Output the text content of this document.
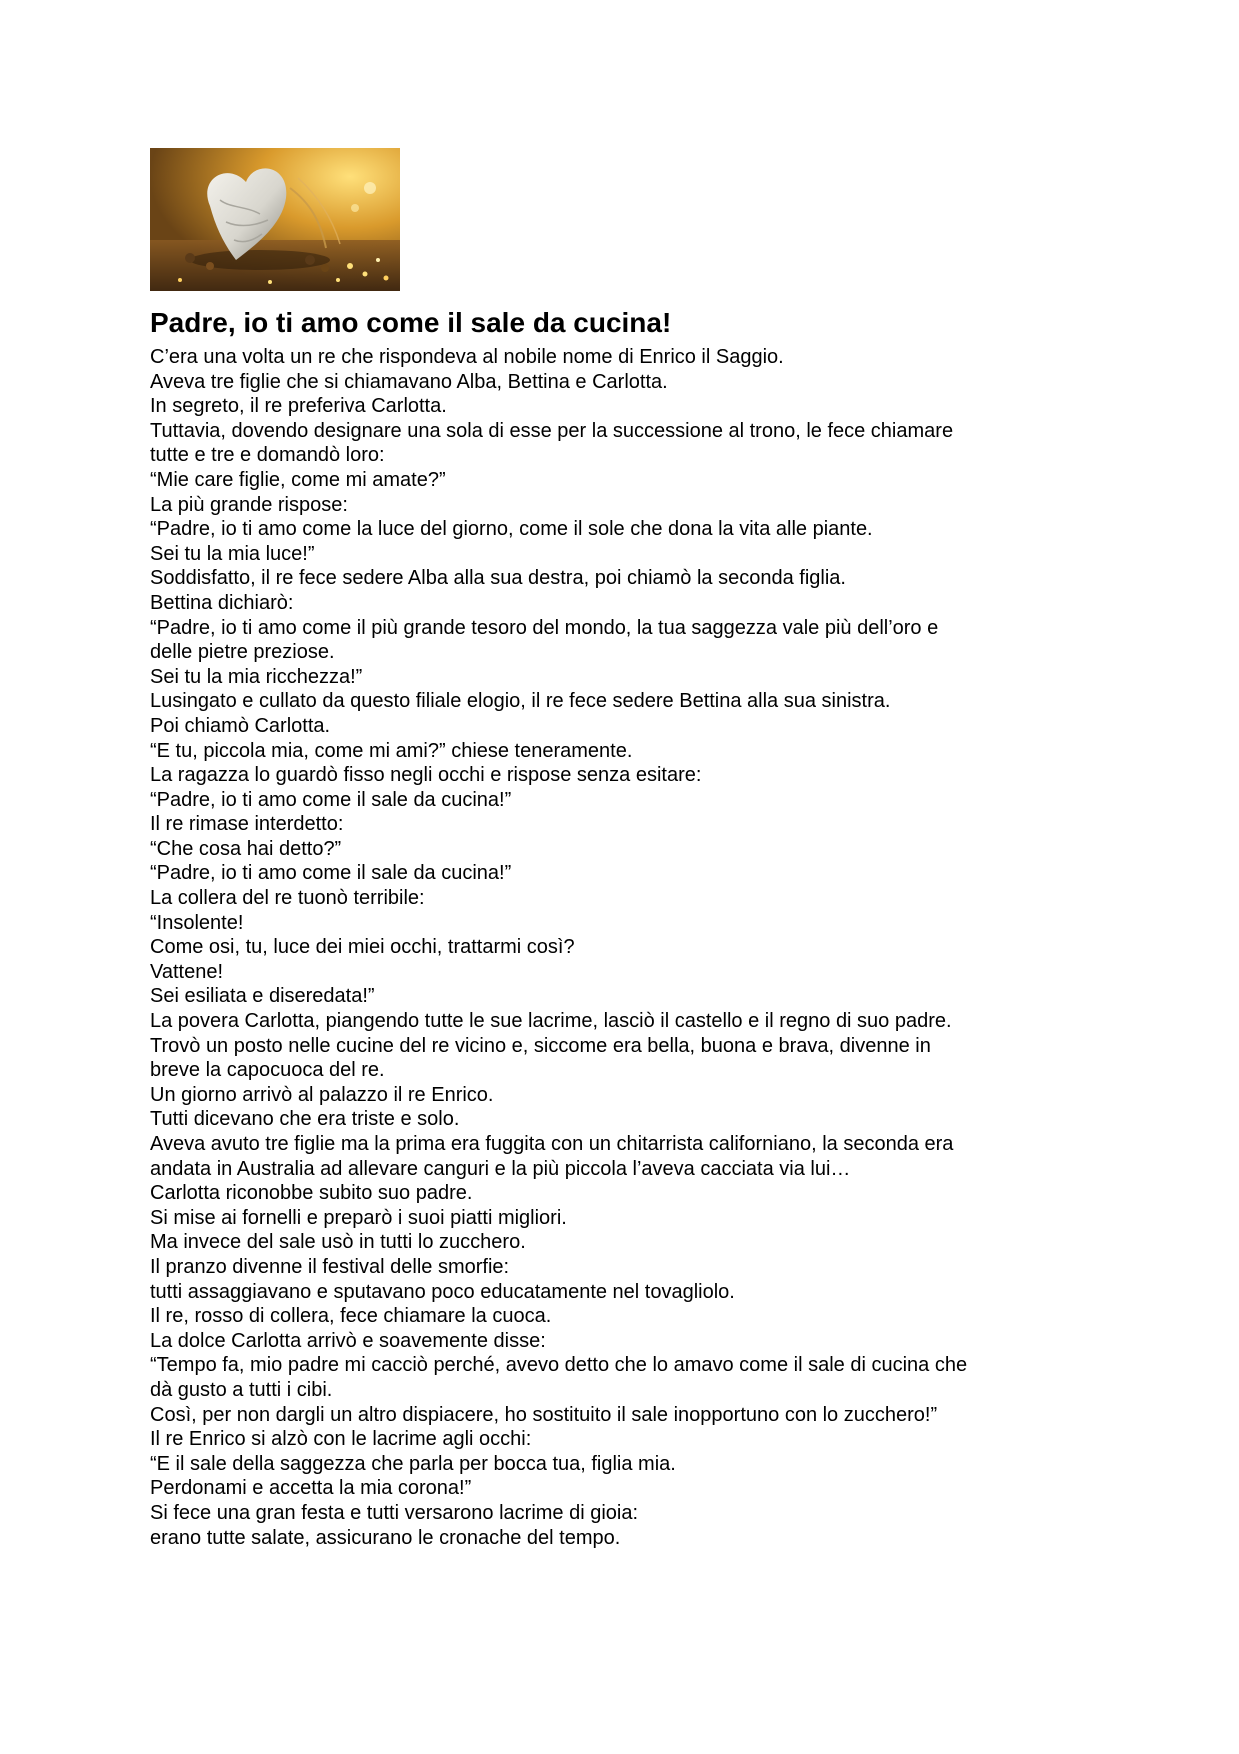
Padre, io ti amo come il sale da cucina!
C’era una volta un re che rispondeva al nobile nome di Enrico il Saggio.
Aveva tre figlie che si chiamavano Alba, Bettina e Carlotta.
In segreto, il re preferiva Carlotta.
Tuttavia, dovendo designare una sola di esse per la successione al trono, le fece chiamare
tutte e tre e domandò loro:
“Mie care figlie, come mi amate?”
La più grande rispose:
“Padre, io ti amo come la luce del giorno, come il sole che dona la vita alle piante.
Sei tu la mia luce!”
Soddisfatto, il re fece sedere Alba alla sua destra, poi chiamò la seconda figlia.
Bettina dichiarò:
“Padre, io ti amo come il più grande tesoro del mondo, la tua saggezza vale più dell’oro e
delle pietre preziose.
Sei tu la mia ricchezza!”
Lusingato e cullato da questo filiale elogio, il re fece sedere Bettina alla sua sinistra.
Poi chiamò Carlotta.
“E tu, piccola mia, come mi ami?” chiese teneramente.
La ragazza lo guardò fisso negli occhi e rispose senza esitare:
“Padre, io ti amo come il sale da cucina!”
Il re rimase interdetto:
“Che cosa hai detto?”
“Padre, io ti amo come il sale da cucina!”
La collera del re tuonò terribile:
“Insolente!
Come osi, tu, luce dei miei occhi, trattarmi così?
Vattene!
Sei esiliata e diseredata!”
La povera Carlotta, piangendo tutte le sue lacrime, lasciò il castello e il regno di suo padre.
Trovò un posto nelle cucine del re vicino e, siccome era bella, buona e brava, divenne in
breve la capocuoca del re.
Un giorno arrivò al palazzo il re Enrico.
Tutti dicevano che era triste e solo.
Aveva avuto tre figlie ma la prima era fuggita con un chitarrista californiano, la seconda era
andata in Australia ad allevare canguri e la più piccola l’aveva cacciata via lui…
Carlotta riconobbe subito suo padre.
Si mise ai fornelli e preparò i suoi piatti migliori.
Ma invece del sale usò in tutti lo zucchero.
Il pranzo divenne il festival delle smorfie:
tutti assaggiavano e sputavano poco educatamente nel tovagliolo.
Il re, rosso di collera, fece chiamare la cuoca.
La dolce Carlotta arrivò e soavemente disse:
“Tempo fa, mio padre mi cacciò perché, avevo detto che lo amavo come il sale di cucina che
dà gusto a tutti i cibi.
Così, per non dargli un altro dispiacere, ho sostituito il sale inopportuno con lo zucchero!”
Il re Enrico si alzò con le lacrime agli occhi:
“E il sale della saggezza che parla per bocca tua, figlia mia.
Perdonami e accetta la mia corona!”
Si fece una gran festa e tutti versarono lacrime di gioia:
erano tutte salate, assicurano le cronache del tempo.
